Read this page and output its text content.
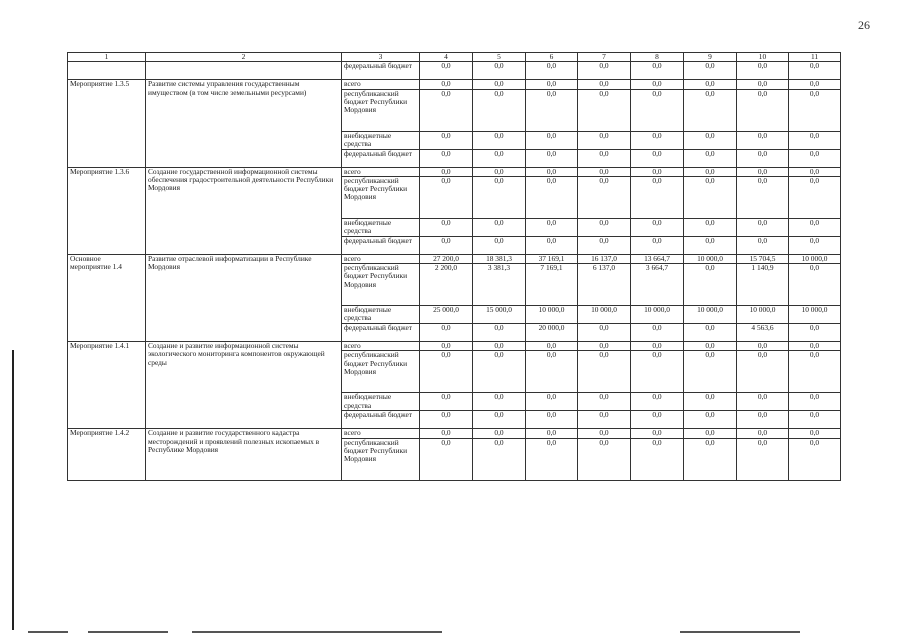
26
1	2	3	4	5	6	7	8	9	10	11
		федеральный бюджет	0,0	0,0	0,0	0,0	0,0	0,0	0,0	0,0
Мероприятие 1.3.5	Развитие системы управления государственным имуществом (в том числе земельными ресурсами)	всего	0,0	0,0	0,0	0,0	0,0	0,0	0,0	0,0
		республиканский бюджет Республики Мордовия	0,0	0,0	0,0	0,0	0,0	0,0	0,0	0,0
		внебюджетные средства	0,0	0,0	0,0	0,0	0,0	0,0	0,0	0,0
		федеральный бюджет	0,0	0,0	0,0	0,0	0,0	0,0	0,0	0,0
Мероприятие 1.3.6	Создание государственной информационной системы обеспечения градостроительной деятельности Республики Мордовия	всего	0,0	0,0	0,0	0,0	0,0	0,0	0,0	0,0
		республиканский бюджет Республики Мордовия	0,0	0,0	0,0	0,0	0,0	0,0	0,0	0,0
		внебюджетные средства	0,0	0,0	0,0	0,0	0,0	0,0	0,0	0,0
		федеральный бюджет	0,0	0,0	0,0	0,0	0,0	0,0	0,0	0,0
Основное мероприятие 1.4	Развитие отраслевой информатизации в Республике Мордовия	всего	27 200,0	18 381,3	37 169,1	16 137,0	13 664,7	10 000,0	15 704,5	10 000,0
		республиканский бюджет Республики Мордовия	2 200,0	3 381,3	7 169,1	6 137,0	3 664,7	0,0	1 140,9	0,0
		внебюджетные средства	25 000,0	15 000,0	10 000,0	10 000,0	10 000,0	10 000,0	10 000,0	10 000,0
		федеральный бюджет	0,0	0,0	20 000,0	0,0	0,0	0,0	4 563,6	0,0
Мероприятие 1.4.1	Создание и развитие информационной системы экологического мониторинга компонентов окружающей среды	всего	0,0	0,0	0,0	0,0	0,0	0,0	0,0	0,0
		республиканский бюджет Республики Мордовия	0,0	0,0	0,0	0,0	0,0	0,0	0,0	0,0
		внебюджетные средства	0,0	0,0	0,0	0,0	0,0	0,0	0,0	0,0
		федеральный бюджет	0,0	0,0	0,0	0,0	0,0	0,0	0,0	0,0
Мероприятие 1.4.2	Создание и развитие государственного кадастра месторождений и проявлений полезных ископаемых в Республике Мордовия	всего	0,0	0,0	0,0	0,0	0,0	0,0	0,0	0,0
		республиканский бюджет Республики Мордовия	0,0	0,0	0,0	0,0	0,0	0,0	0,0	0,0
